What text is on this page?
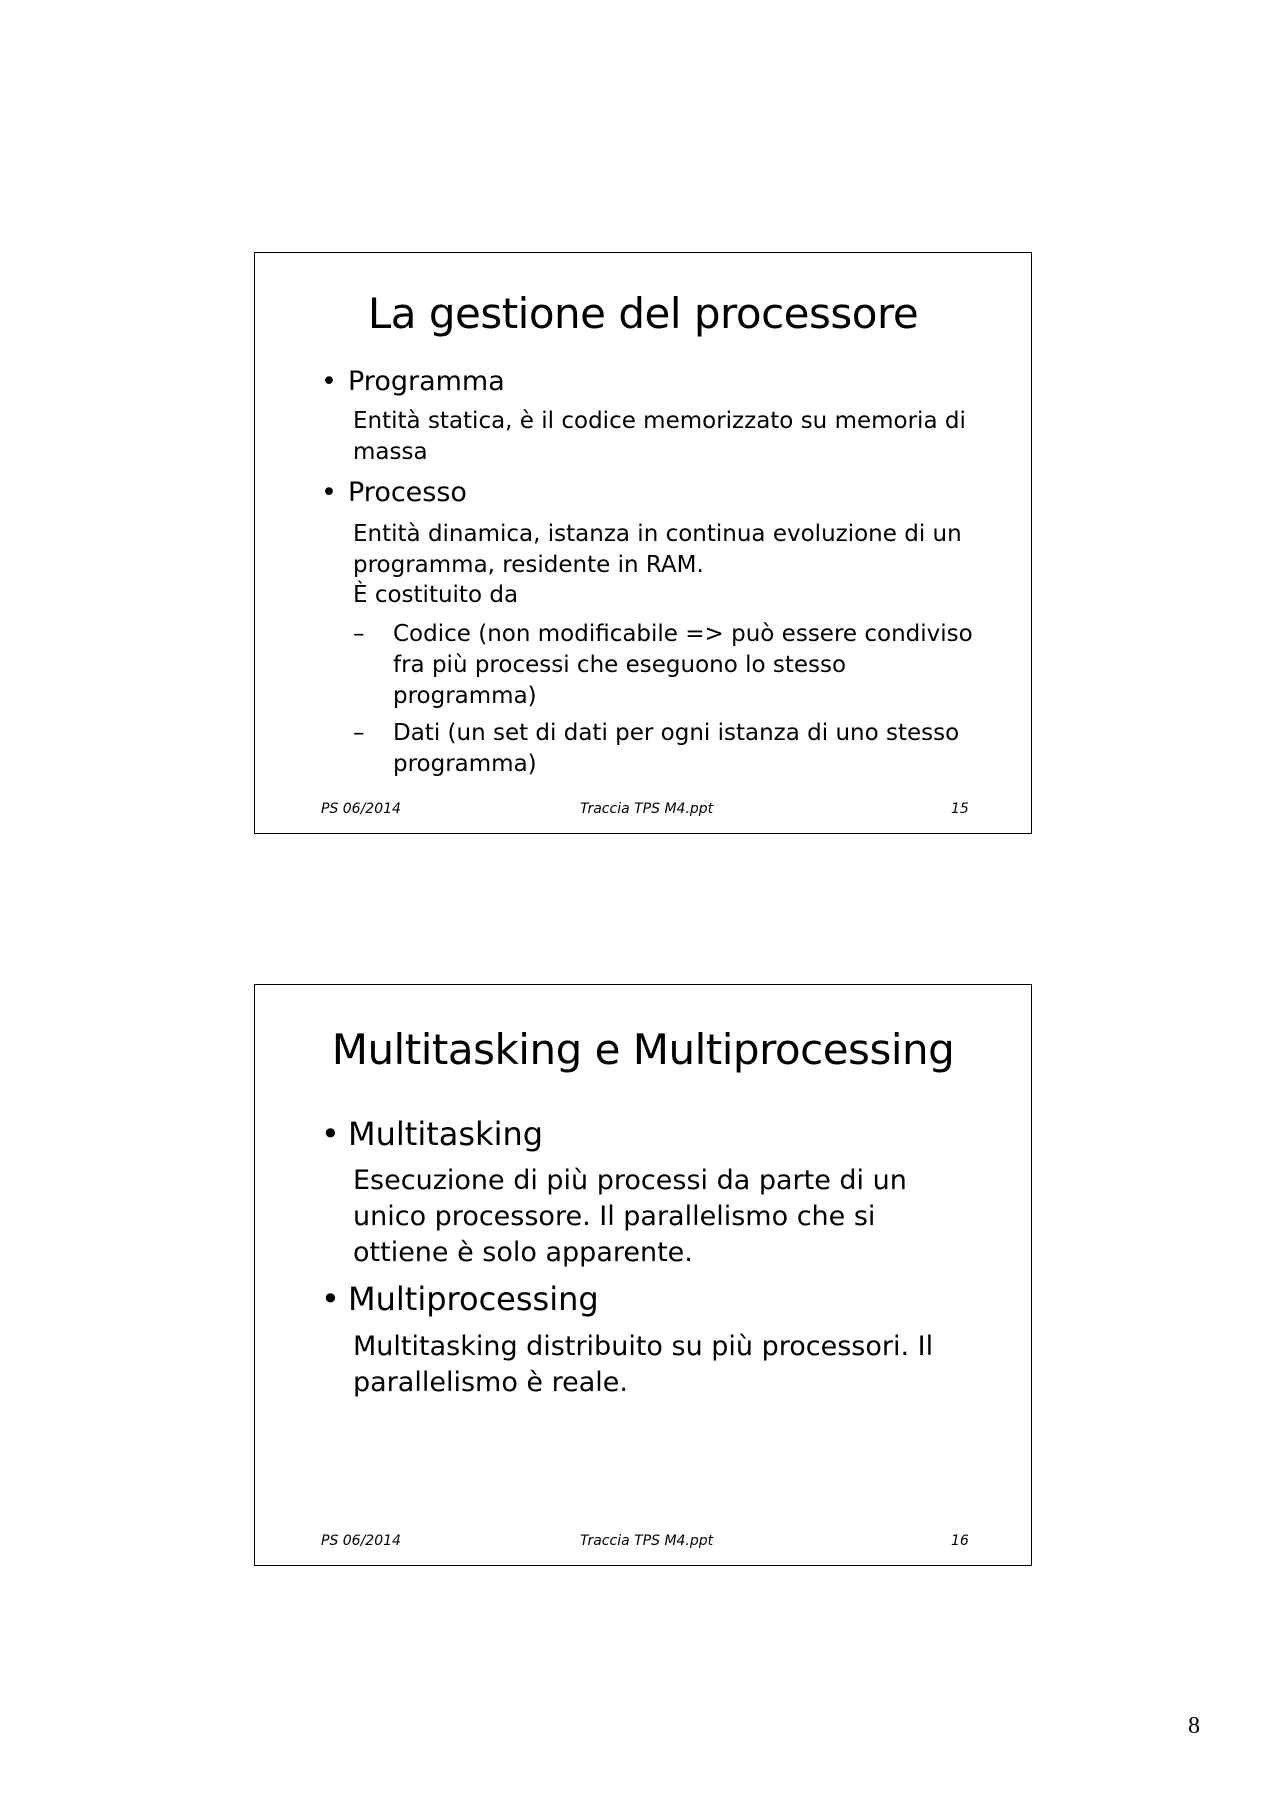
La gestione del processore
• Programma
Entità statica, è il codice memorizzato su memoria di
massa
• Processo
Entità dinamica, istanza in continua evoluzione di un
programma, residente in RAM.
È costituito da
– Codice (non modificabile => può essere condiviso
fra più processi che eseguono lo stesso
programma)
– Dati (un set di dati per ogni istanza di uno stesso
programma)
PS 06/2014	Traccia TPS M4.ppt	15
Multitasking e Multiprocessing
• Multitasking
Esecuzione di più processi da parte di un
unico processore. Il parallelismo che si
ottiene è solo apparente.
• Multiprocessing
Multitasking distribuito su più processori. Il
parallelismo è reale.
PS 06/2014	Traccia TPS M4.ppt	16
8
